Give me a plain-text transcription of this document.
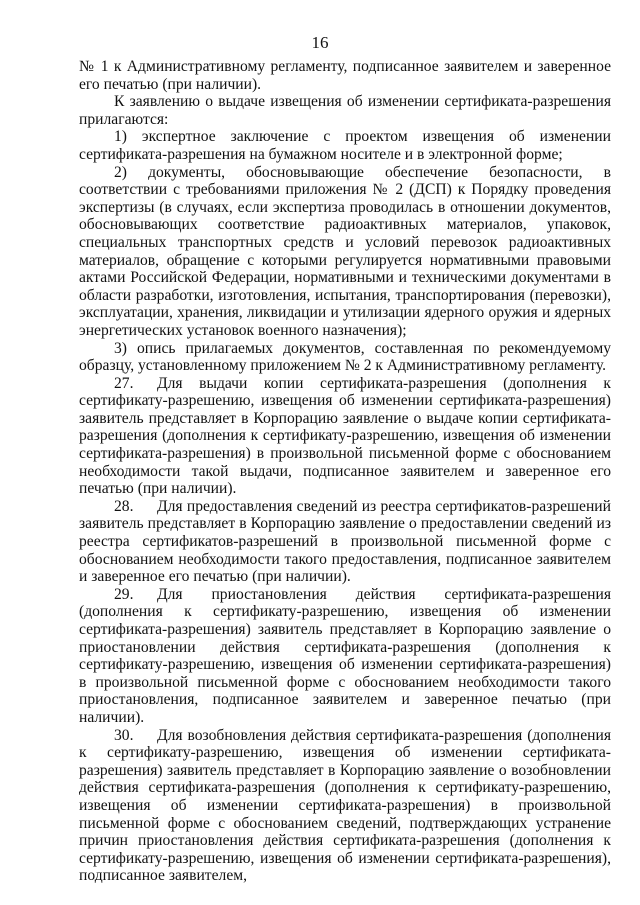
16

№ 1 к Административному регламенту, подписанное заявителем и заверенное его печатью (при наличии).

К заявлению о выдаче извещения об изменении сертификата-разрешения прилагаются:

1) экспертное заключение с проектом извещения об изменении сертификата-разрешения на бумажном носителе и в электронной форме;

2) документы, обосновывающие обеспечение безопасности, в соответствии с требованиями приложения № 2 (ДСП) к Порядку проведения экспертизы (в случаях, если экспертиза проводилась в отношении документов, обосновывающих соответствие радиоактивных материалов, упаковок, специальных транспортных средств и условий перевозок радиоактивных материалов, обращение с которыми регулируется нормативными правовыми актами Российской Федерации, нормативными и техническими документами в области разработки, изготовления, испытания, транспортирования (перевозки), эксплуатации, хранения, ликвидации и утилизации ядерного оружия и ядерных энергетических установок военного назначения);

3) опись прилагаемых документов, составленная по рекомендуемому образцу, установленному приложением № 2 к Административному регламенту.

27. Для выдачи копии сертификата-разрешения (дополнения к сертификату-разрешению, извещения об изменении сертификата-разрешения) заявитель представляет в Корпорацию заявление о выдаче копии сертификата-разрешения (дополнения к сертификату-разрешению, извещения об изменении сертификата-разрешения) в произвольной письменной форме с обоснованием необходимости такой выдачи, подписанное заявителем и заверенное его печатью (при наличии).

28. Для предоставления сведений из реестра сертификатов-разрешений заявитель представляет в Корпорацию заявление о предоставлении сведений из реестра сертификатов-разрешений в произвольной письменной форме с обоснованием необходимости такого предоставления, подписанное заявителем и заверенное его печатью (при наличии).

29. Для приостановления действия сертификата-разрешения (дополнения к сертификату-разрешению, извещения об изменении сертификата-разрешения) заявитель представляет в Корпорацию заявление о приостановлении действия сертификата-разрешения (дополнения к сертификату-разрешению, извещения об изменении сертификата-разрешения) в произвольной письменной форме с обоснованием необходимости такого приостановления, подписанное заявителем и заверенное печатью (при наличии).

30. Для возобновления действия сертификата-разрешения (дополнения к сертификату-разрешению, извещения об изменении сертификата-разрешения) заявитель представляет в Корпорацию заявление о возобновлении действия сертификата-разрешения (дополнения к сертификату-разрешению, извещения об изменении сертификата-разрешения) в произвольной письменной форме с обоснованием сведений, подтверждающих устранение причин приостановления действия сертификата-разрешения (дополнения к сертификату-разрешению, извещения об изменении сертификата-разрешения), подписанное заявителем,
